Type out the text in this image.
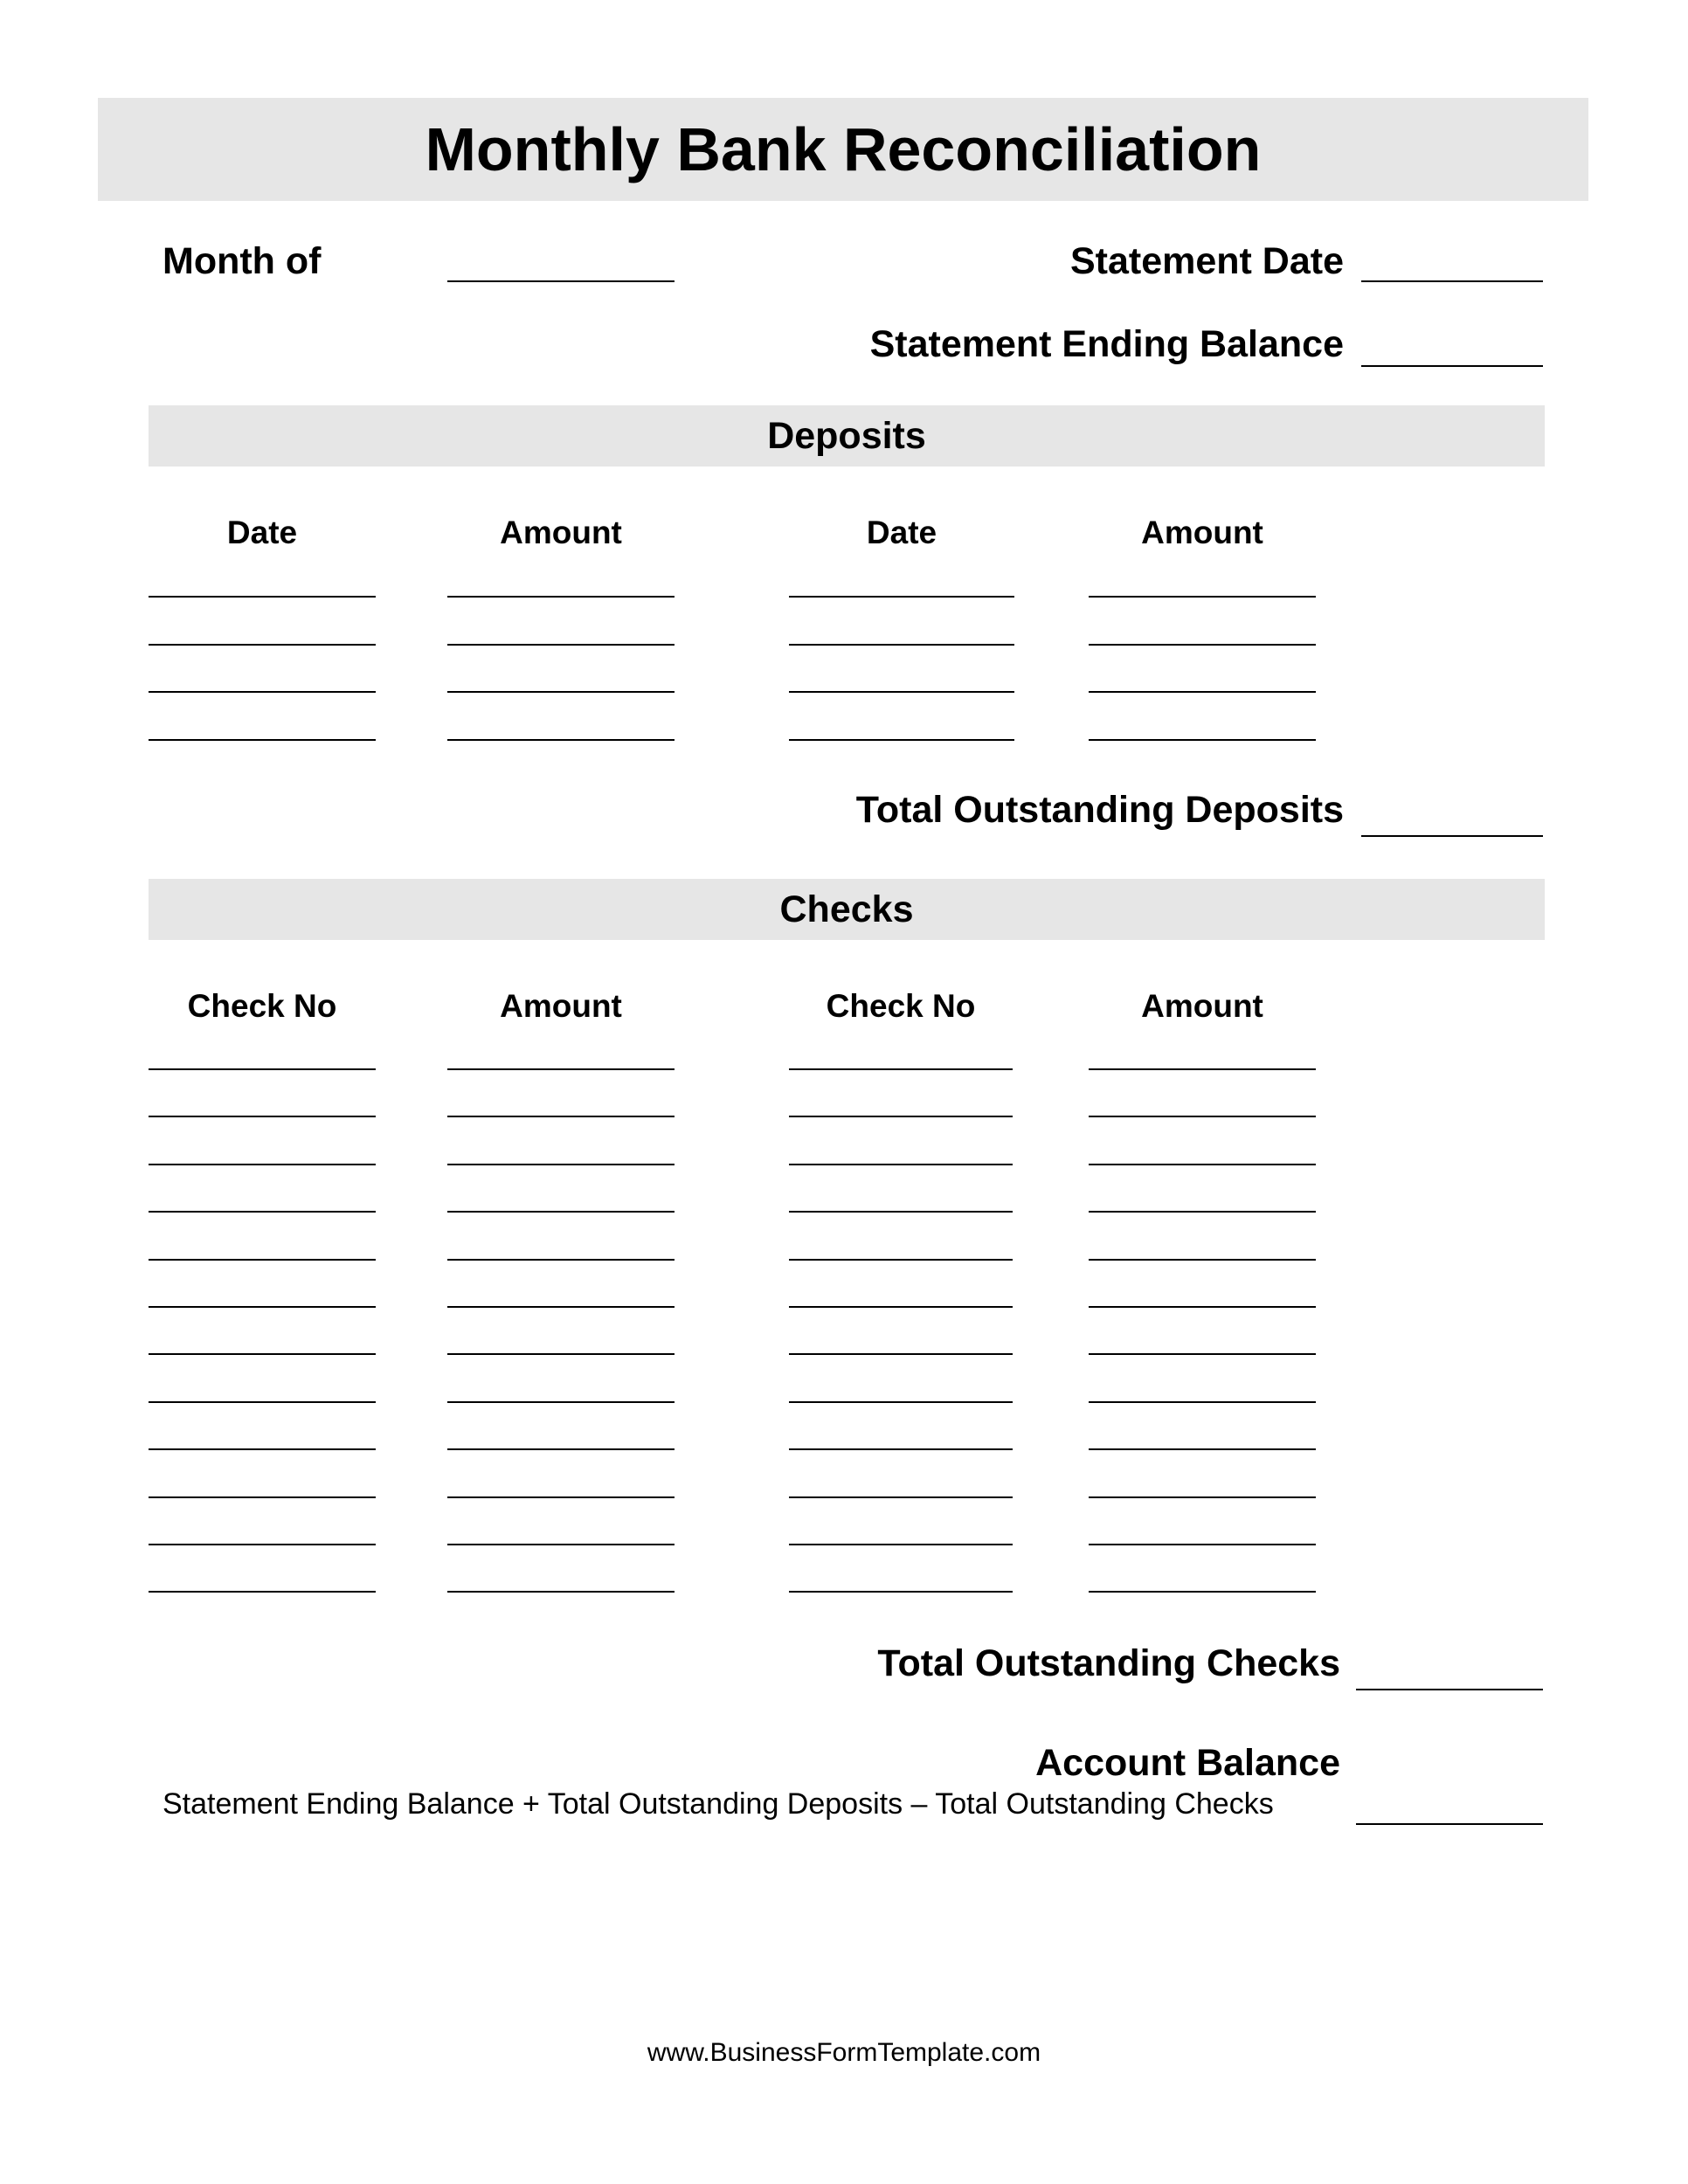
Monthly Bank Reconciliation
Month of	Statement Date
Statement Ending Balance
Deposits
Date	Amount	Date	Amount
Total Outstanding Deposits
Checks
Check No	Amount	Check No	Amount
Total Outstanding Checks
Account Balance
Statement Ending Balance + Total Outstanding Deposits – Total Outstanding Checks
www.BusinessFormTemplate.com
